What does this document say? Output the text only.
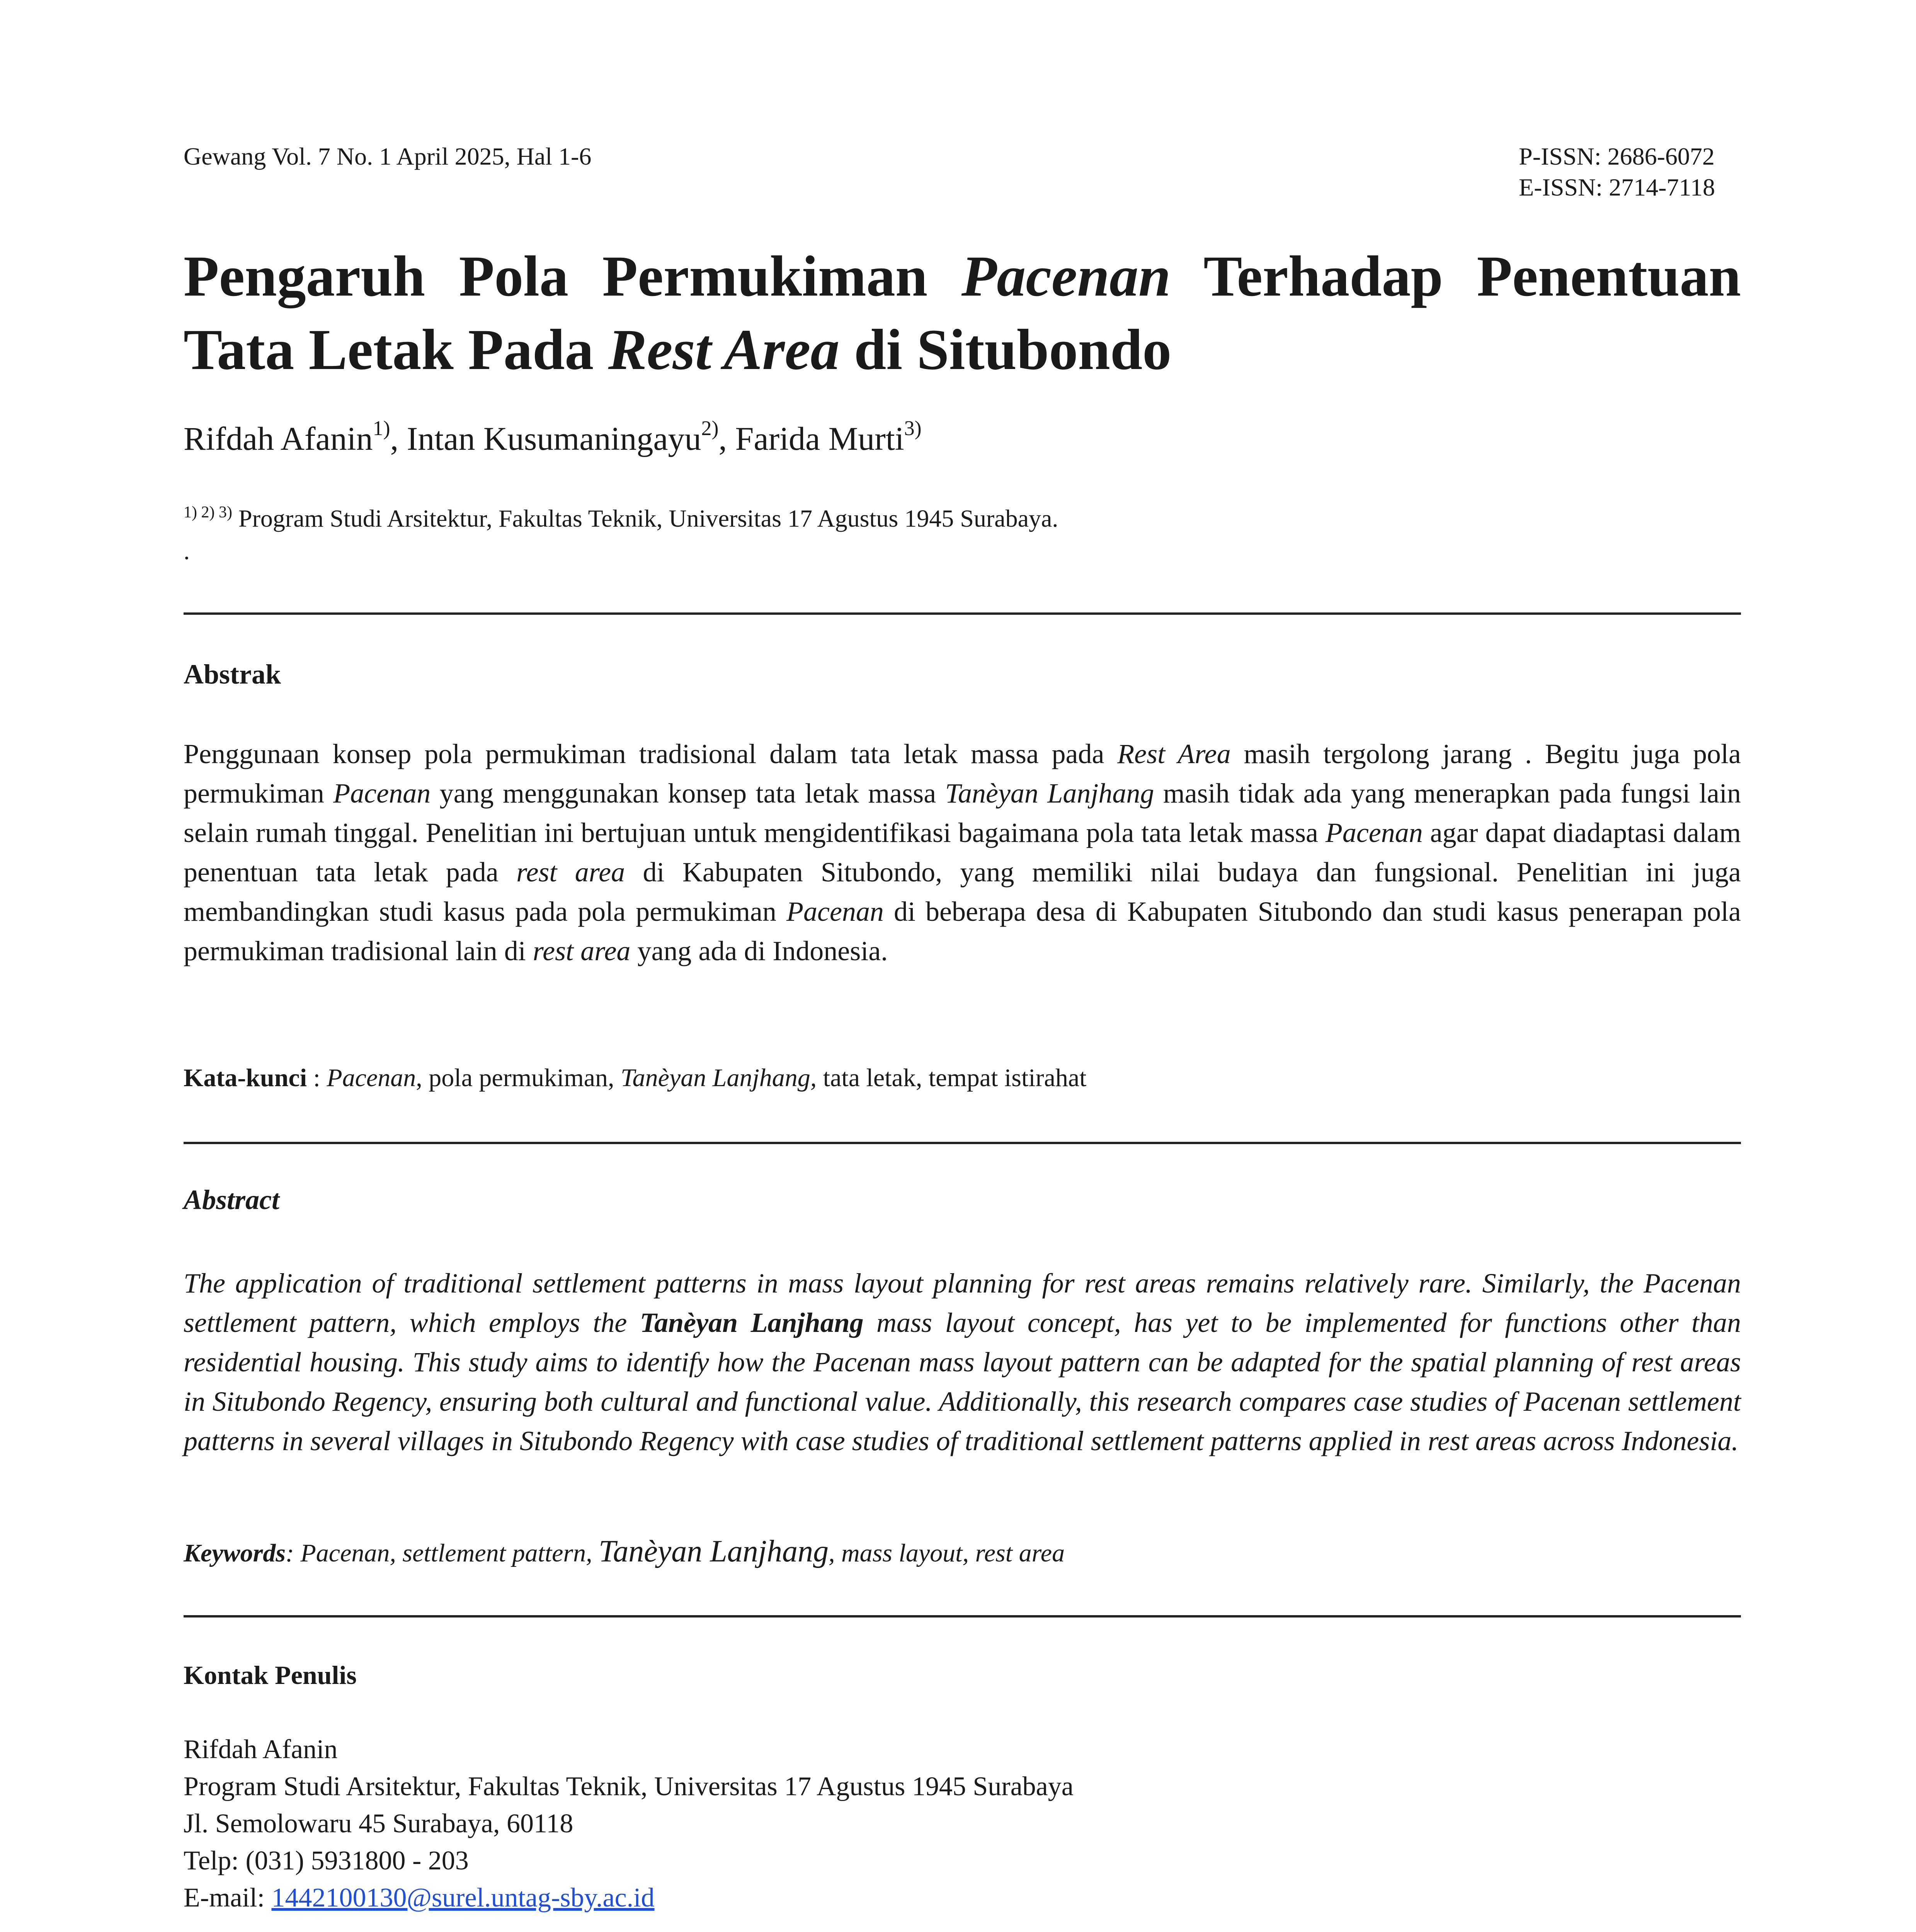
Gewang Vol. 7 No. 1 April 2025, Hal 1-6	P-ISSN: 2686-6072
E-ISSN: 2714-7118
Pengaruh Pola Permukiman Pacenan Terhadap Penentuan Tata Letak Pada Rest Area di Situbondo
Rifdah Afanin$^{1)}$, Intan Kusumaningayu$^{2)}$, Farida Murti$^{3)}$
$^{1) 2) 3)}$ Program Studi Arsitektur, Fakultas Teknik, Universitas 17 Agustus 1945 Surabaya.
.
Abstrak

Penggunaan konsep pola permukiman tradisional dalam tata letak massa pada Rest Area masih tergolong jarang . Begitu juga pola permukiman Pacenan yang menggunakan konsep tata letak massa Tanèyan Lanjhang masih tidak ada yang menerapkan pada fungsi lain selain rumah tinggal. Penelitian ini bertujuan untuk mengidentifikasi bagaimana pola tata letak massa Pacenan agar dapat diadaptasi dalam penentuan tata letak pada rest area di Kabupaten Situbondo, yang memiliki nilai budaya dan fungsional. Penelitian ini juga membandingkan studi kasus pada pola permukiman Pacenan di beberapa desa di Kabupaten Situbondo dan studi kasus penerapan pola permukiman tradisional lain di rest area yang ada di Indonesia.

Kata-kunci : Pacenan, pola permukiman, Tanèyan Lanjhang, tata letak, tempat istirahat
Abstract

The application of traditional settlement patterns in mass layout planning for rest areas remains relatively rare. Similarly, the Pacenan settlement pattern, which employs the Tanèyan Lanjhang mass layout concept, has yet to be implemented for functions other than residential housing. This study aims to identify how the Pacenan mass layout pattern can be adapted for the spatial planning of rest areas in Situbondo Regency, ensuring both cultural and functional value. Additionally, this research compares case studies of Pacenan settlement patterns in several villages in Situbondo Regency with case studies of traditional settlement patterns applied in rest areas across Indonesia.

Keywords: Pacenan, settlement pattern, Tanèyan Lanjhang, mass layout, rest area
Kontak Penulis
Rifdah Afanin
Program Studi Arsitektur, Fakultas Teknik, Universitas 17 Agustus 1945 Surabaya
Jl. Semolowaru 45 Surabaya, 60118
Telp: (031) 5931800 - 203
E-mail: 1442100130@surel.untag-sby.ac.id
